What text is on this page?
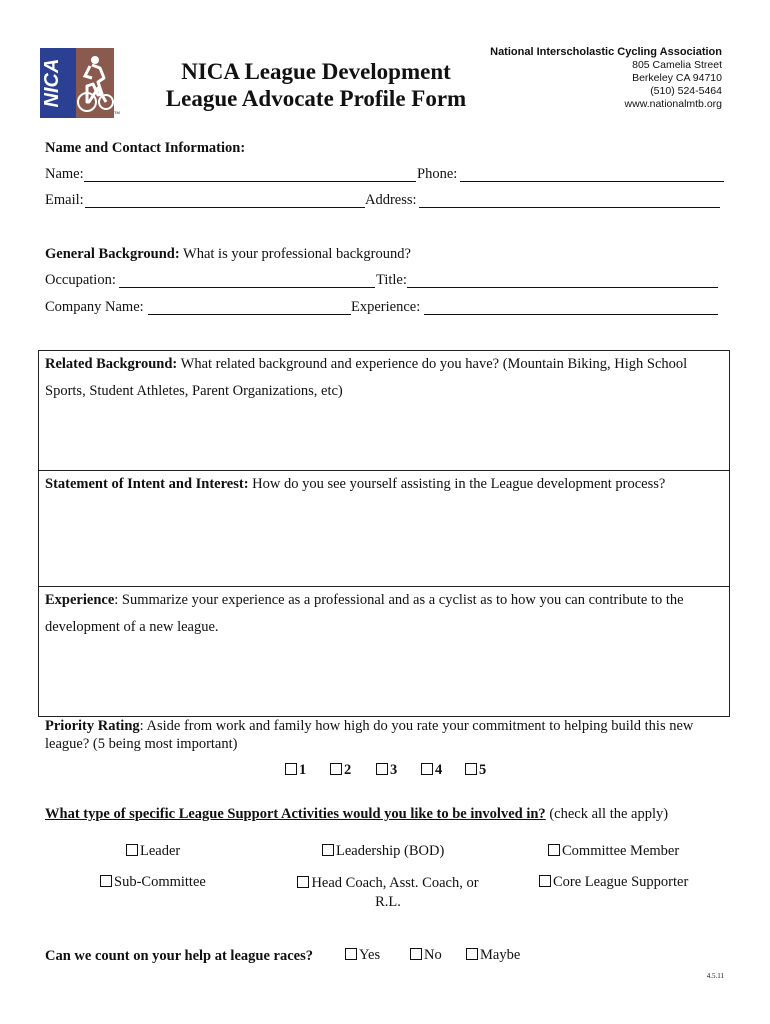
NICA
TM
NICA League Development
League Advocate Profile Form
National Interscholastic Cycling Association
805 Camelia Street
Berkeley CA 94710
(510) 524-5464
www.nationalmtb.org
Name and Contact Information:
Name:	Phone:
Email:	Address:
General Background: What is your professional background?
Occupation:	Title:
Company Name:	Experience:
Related Background: What related background and experience do you have? (Mountain Biking, High School Sports, Student Athletes, Parent Organizations, etc)
Statement of Intent and Interest: How do you see yourself assisting in the League development process?
Experience: Summarize your experience as a professional and as a cyclist as to how you can contribute to the development of a new league.
Priority Rating: Aside from work and family how high do you rate your commitment to helping build this new league? (5 being most important)
1	2	3	4	5
What type of specific League Support Activities would you like to be involved in? (check all the apply)
Leader	Leadership (BOD)	Committee Member
Sub-Committee	Head Coach, Asst. Coach, or R.L.
Core League Supporter
Can we count on your help at league races?	Yes	No	Maybe
4.5.11
